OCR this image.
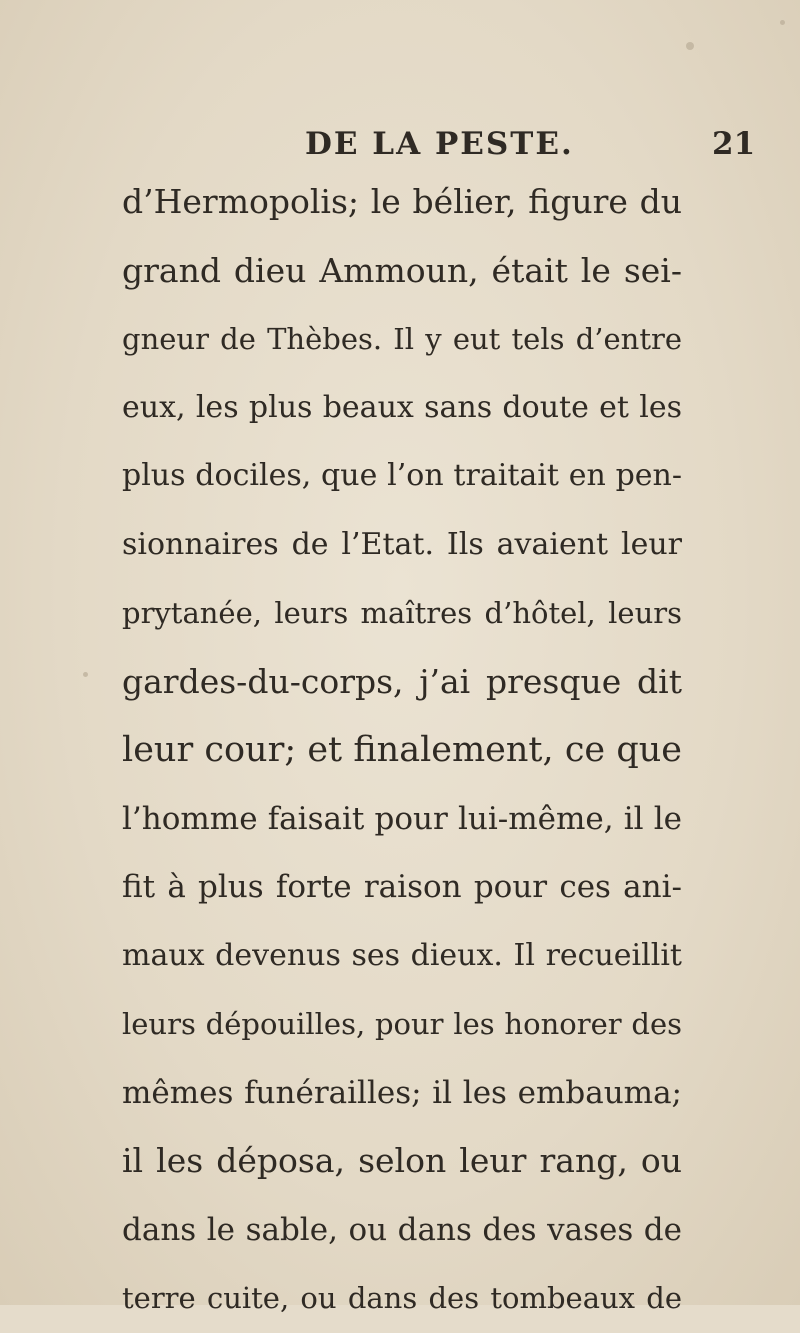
DE LA PESTE.	21
d’Hermopolis; le bélier, figure du
grand dieu Ammoun, était le sei-
gneur de Thèbes. Il y eut tels d’entre
eux, les plus beaux sans doute et les
plus dociles, que l’on traitait en pen-
sionnaires de l’Etat. Ils avaient leur
prytanée, leurs maîtres d’hôtel, leurs
gardes-du-corps, j’ai presque dit
leur cour; et finalement, ce que
l’homme faisait pour lui-même, il le
fit à plus forte raison pour ces ani-
maux devenus ses dieux. Il recueillit
leurs dépouilles, pour les honorer des
mêmes funérailles; il les embauma;
il les déposa, selon leur rang, ou
dans le sable, ou dans des vases de
terre cuite, ou dans des tombeaux de
